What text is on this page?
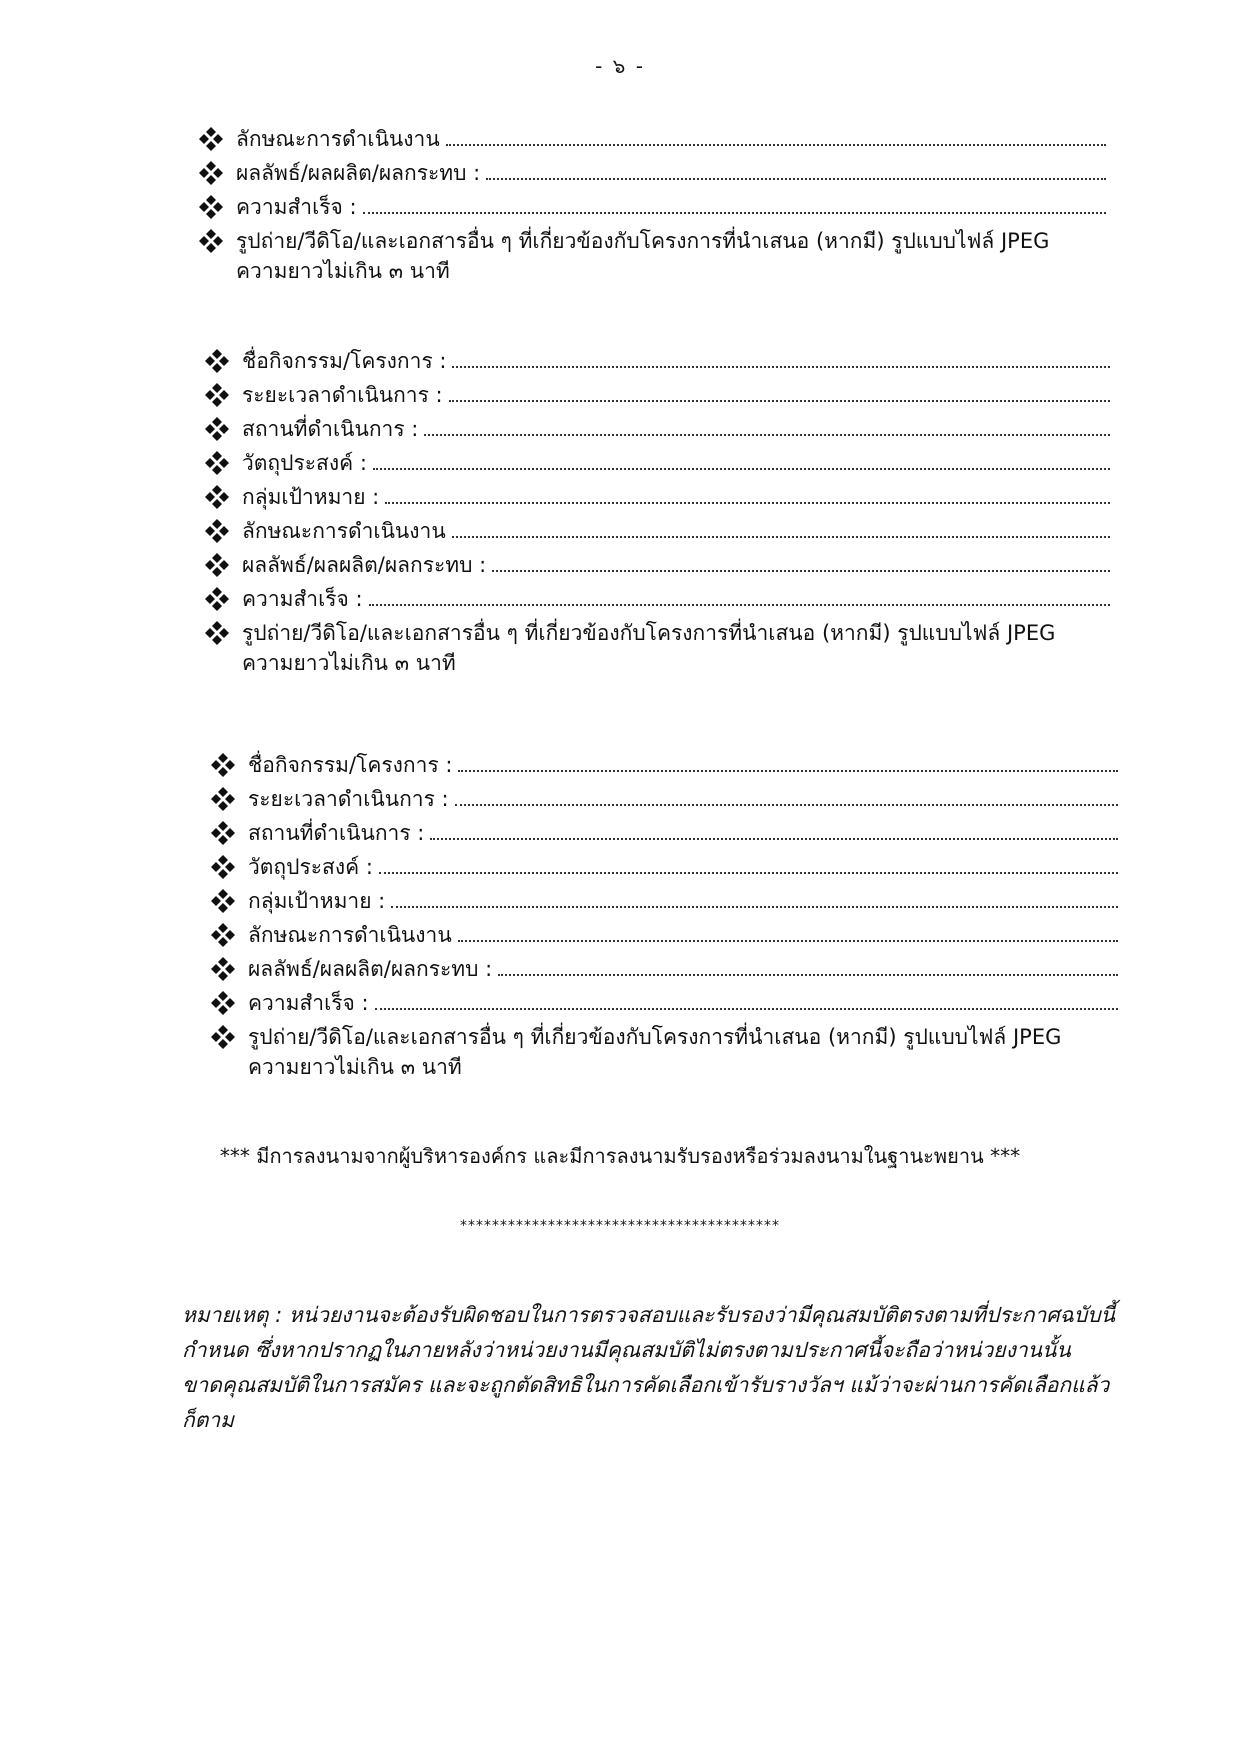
- ๖ -
ลักษณะการดำเนินงาน
ผลลัพธ์/ผลผลิต/ผลกระทบ :
ความสำเร็จ :
รูปถ่าย/วีดิโอ/และเอกสารอื่น ๆ ที่เกี่ยวข้องกับโครงการที่นำเสนอ (หากมี) รูปแบบไฟล์ JPEG
ความยาวไม่เกิน ๓ นาที
ชื่อกิจกรรม/โครงการ :
ระยะเวลาดำเนินการ :
สถานที่ดำเนินการ :
วัตถุประสงค์ :
กลุ่มเป้าหมาย :
ลักษณะการดำเนินงาน
ผลลัพธ์/ผลผลิต/ผลกระทบ :
ความสำเร็จ :
รูปถ่าย/วีดิโอ/และเอกสารอื่น ๆ ที่เกี่ยวข้องกับโครงการที่นำเสนอ (หากมี) รูปแบบไฟล์ JPEG
ความยาวไม่เกิน ๓ นาที
ชื่อกิจกรรม/โครงการ :
ระยะเวลาดำเนินการ :
สถานที่ดำเนินการ :
วัตถุประสงค์ :
กลุ่มเป้าหมาย :
ลักษณะการดำเนินงาน
ผลลัพธ์/ผลผลิต/ผลกระทบ :
ความสำเร็จ :
รูปถ่าย/วีดิโอ/และเอกสารอื่น ๆ ที่เกี่ยวข้องกับโครงการที่นำเสนอ (หากมี) รูปแบบไฟล์ JPEG
ความยาวไม่เกิน ๓ นาที
*** มีการลงนามจากผู้บริหารองค์กร และมีการลงนามรับรองหรือร่วมลงนามในฐานะพยาน ***
****************************************
หมายเหตุ : หน่วยงานจะต้องรับผิดชอบในการตรวจสอบและรับรองว่ามีคุณสมบัติตรงตามที่ประกาศฉบับนี้
กำหนด ซึ่งหากปรากฏในภายหลังว่าหน่วยงานมีคุณสมบัติไม่ตรงตามประกาศนี้จะถือว่าหน่วยงานนั้น
ขาดคุณสมบัติในการสมัคร และจะถูกตัดสิทธิในการคัดเลือกเข้ารับรางวัลฯ แม้ว่าจะผ่านการคัดเลือกแล้วก็ตาม
